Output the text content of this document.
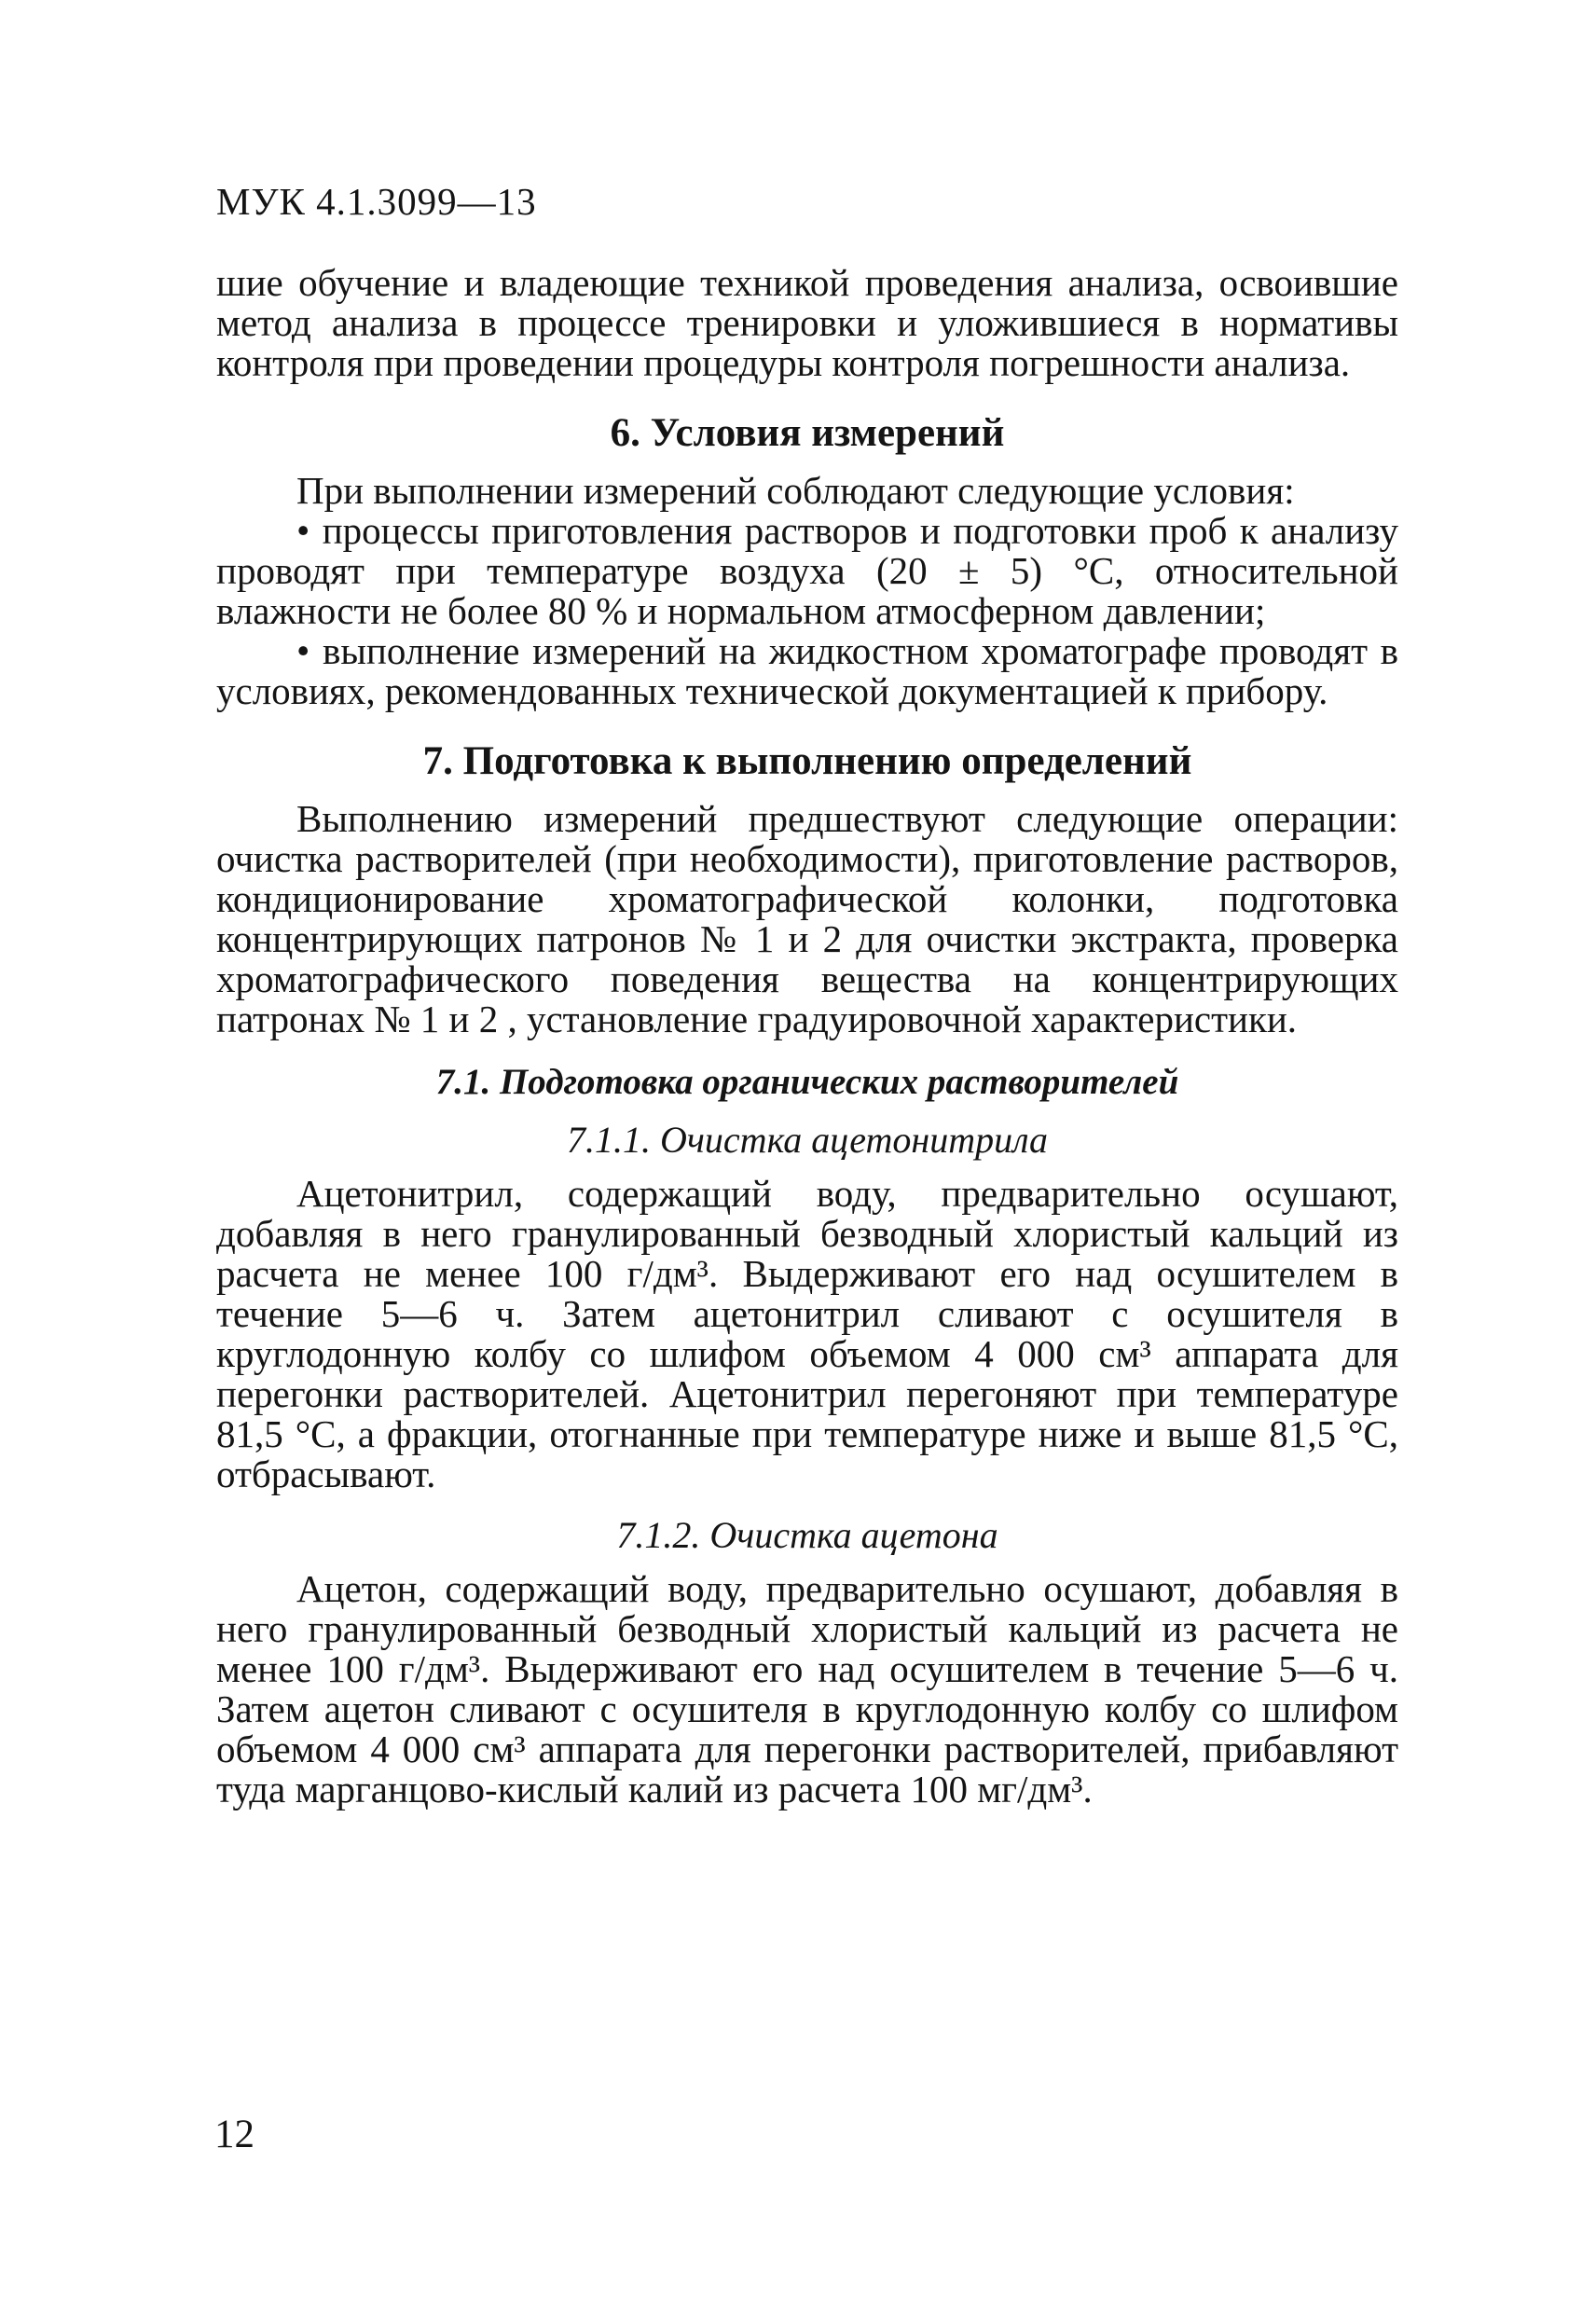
МУК 4.1.3099—13

шие обучение и владеющие техникой проведения анализа, освоившие метод анализа в процессе тренировки и уложившиеся в нормативы контроля при проведении процедуры контроля погрешности анализа.

6. Условия измерений

При выполнении измерений соблюдают следующие условия:

• процессы приготовления растворов и подготовки проб к анализу проводят при температуре воздуха (20 ± 5) °С, относительной влажности не более 80 % и нормальном атмосферном давлении;

• выполнение измерений на жидкостном хроматографе проводят в условиях, рекомендованных технической документацией к прибору.

7. Подготовка к выполнению определений

Выполнению измерений предшествуют следующие операции: очистка растворителей (при необходимости), приготовление растворов, кондиционирование хроматографической колонки, подготовка концентрирующих патронов № 1 и 2 для очистки экстракта, проверка хроматографического поведения вещества на концентрирующих патронах № 1 и 2 , установление градуировочной характеристики.

7.1. Подготовка органических растворителей
7.1.1. Очистка ацетонитрила

Ацетонитрил, содержащий воду, предварительно осушают, добавляя в него гранулированный безводный хлористый кальций из расчета не менее 100 г/дм³. Выдерживают его над осушителем в течение 5—6 ч. Затем ацетонитрил сливают с осушителя в круглодонную колбу со шлифом объемом 4 000 см³ аппарата для перегонки растворителей. Ацетонитрил перегоняют при температуре 81,5 °С, а фракции, отогнанные при температуре ниже и выше 81,5 °С, отбрасывают.

7.1.2. Очистка ацетона

Ацетон, содержащий воду, предварительно осушают, добавляя в него гранулированный безводный хлористый кальций из расчета не менее 100 г/дм³. Выдерживают его над осушителем в течение 5—6 ч. Затем ацетон сливают с осушителя в круглодонную колбу со шлифом объемом 4 000 см³ аппарата для перегонки растворителей, прибавляют туда марганцово-кислый калий из расчета 100 мг/дм³.

12
